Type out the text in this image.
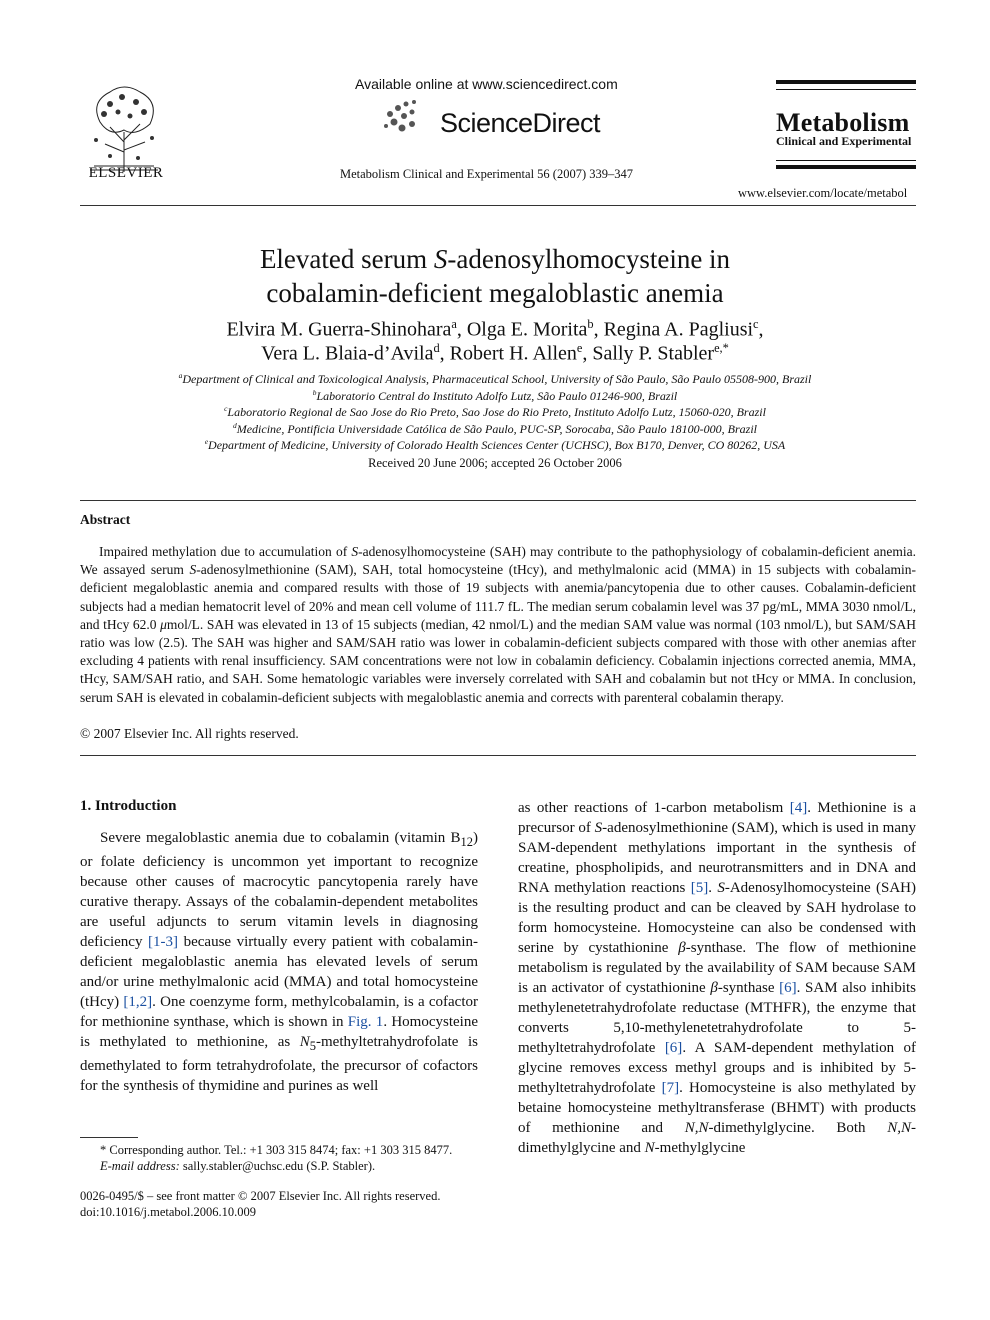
ELSEVIER
Available online at www.sciencedirect.com
ScienceDirect
Metabolism Clinical and Experimental 56 (2007) 339–347
Metabolism
Clinical and Experimental
www.elsevier.com/locate/metabol
Elevated serum S-adenosylhomocysteine in
cobalamin-deficient megaloblastic anemia
Elvira M. Guerra-Shinohara$^a$, Olga E. Morita$^b$, Regina A. Pagliusi$^c$,
Vera L. Blaia-d’Avila$^d$, Robert H. Allen$^e$, Sally P. Stabler$^{e,*}$
$^a$Department of Clinical and Toxicological Analysis, Pharmaceutical School, University of São Paulo, São Paulo 05508-900, Brazil
$^b$Laboratorio Central do Instituto Adolfo Lutz, São Paulo 01246-900, Brazil
$^c$Laboratorio Regional de Sao Jose do Rio Preto, Sao Jose do Rio Preto, Instituto Adolfo Lutz, 15060-020, Brazil
$^d$Medicine, Pontificia Universidade Católica de São Paulo, PUC-SP, Sorocaba, São Paulo 18100-000, Brazil
$^e$Department of Medicine, University of Colorado Health Sciences Center (UCHSC), Box B170, Denver, CO 80262, USA
Received 20 June 2006; accepted 26 October 2006
Abstract
Impaired methylation due to accumulation of S-adenosylhomocysteine (SAH) may contribute to the pathophysiology of cobalamin-deficient anemia. We assayed serum S-adenosylmethionine (SAM), SAH, total homocysteine (tHcy), and methylmalonic acid (MMA) in 15 subjects with cobalamin-deficient megaloblastic anemia and compared results with those of 19 subjects with anemia/pancytopenia due to other causes. Cobalamin-deficient subjects had a median hematocrit level of 20% and mean cell volume of 111.7 fL. The median serum cobalamin level was 37 pg/mL, MMA 3030 nmol/L, and tHcy 62.0 μmol/L. SAH was elevated in 13 of 15 subjects (median, 42 nmol/L) and the median SAM value was normal (103 nmol/L), but SAM/SAH ratio was low (2.5). The SAH was higher and SAM/SAH ratio was lower in cobalamin-deficient subjects compared with those with other anemias after excluding 4 patients with renal insufficiency. SAM concentrations were not low in cobalamin deficiency. Cobalamin injections corrected anemia, MMA, tHcy, SAM/SAH ratio, and SAH. Some hematologic variables were inversely correlated with SAH and cobalamin but not tHcy or MMA. In conclusion, serum SAH is elevated in cobalamin-deficient subjects with megaloblastic anemia and corrects with parenteral cobalamin therapy.
© 2007 Elsevier Inc. All rights reserved.
1. Introduction
Severe megaloblastic anemia due to cobalamin (vitamin $B_{12}$) or folate deficiency is uncommon yet important to recognize because other causes of macrocytic pancytopenia rarely have curative therapy. Assays of the cobalamin-dependent metabolites are useful adjuncts to serum vitamin levels in diagnosing deficiency [1-3] because virtually every patient with cobalamin-deficient megaloblastic anemia has elevated levels of serum and/or urine methylmalonic acid (MMA) and total homocysteine (tHcy) [1,2]. One coenzyme form, methylcobalamin, is a cofactor for methionine synthase, which is shown in Fig. 1. Homocysteine is methylated to methionine, as $N_5$-methyltetrahydrofolate is demethylated to form tetrahydrofolate, the precursor of cofactors for the synthesis of thymidine and purines as well
as other reactions of 1-carbon metabolism [4]. Methionine is a precursor of S-adenosylmethionine (SAM), which is used in many SAM-dependent methylations important in the synthesis of creatine, phospholipids, and neurotransmitters and in DNA and RNA methylation reactions [5]. S-Adenosylhomocysteine (SAH) is the resulting product and can be cleaved by SAH hydrolase to form homocysteine. Homocysteine can also be condensed with serine by cystathionine β-synthase. The flow of methionine metabolism is regulated by the availability of SAM because SAM is an activator of cystathionine β-synthase [6]. SAM also inhibits methylenetetrahydrofolate reductase (MTHFR), the enzyme that converts 5,10-methylenetetrahydrofolate to 5-methyltetrahydrofolate [6]. A SAM-dependent methylation of glycine removes excess methyl groups and is inhibited by 5-methyltetrahydrofolate [7]. Homocysteine is also methylated by betaine homocysteine methyltransferase (BHMT) with products of methionine and N,N-dimethylglycine. Both N,N-dimethylglycine and N-methylglycine
* Corresponding author. Tel.: +1 303 315 8474; fax: +1 303 315 8477.
E-mail address: sally.stabler@uchsc.edu (S.P. Stabler).
0026-0495/$ – see front matter © 2007 Elsevier Inc. All rights reserved.
doi:10.1016/j.metabol.2006.10.009
